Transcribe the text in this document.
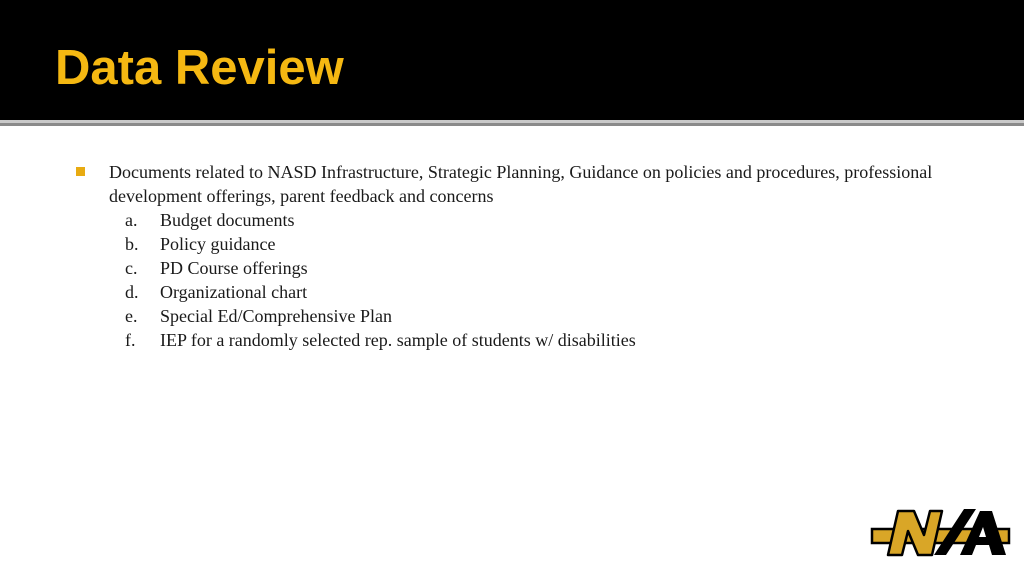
Data Review
Documents related to NASD Infrastructure, Strategic Planning, Guidance on policies and procedures, professional development offerings, parent feedback and concerns
a. Budget documents
b. Policy guidance
c. PD Course offerings
d. Organizational chart
e. Special Ed/Comprehensive Plan
f. IEP for a randomly selected rep. sample of students w/ disabilities
